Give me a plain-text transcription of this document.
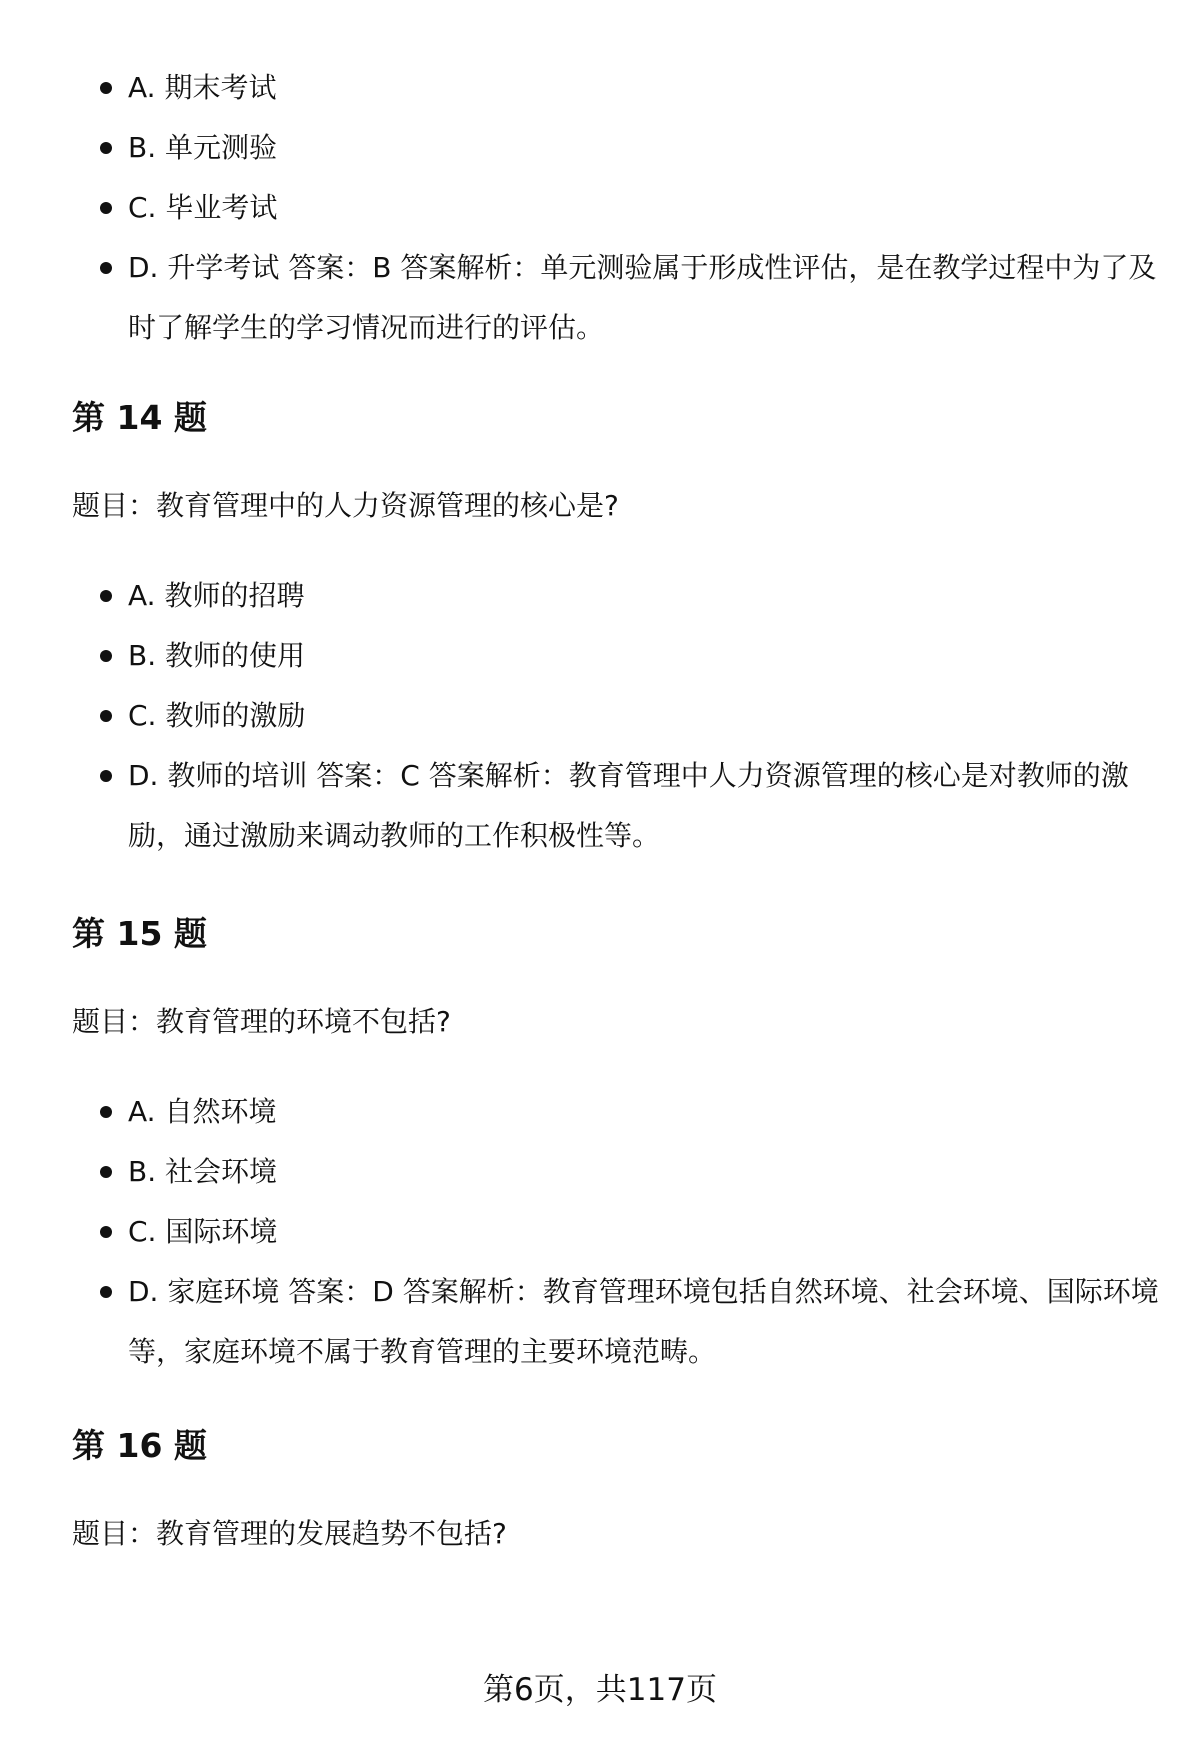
A. 期末考试
B. 单元测验
C. 毕业考试
D. 升学考试 答案：B 答案解析：单元测验属于形成性评估，是在教学过程中为了及时了解学生的学习情况而进行的评估。
第 14 题

题目：教育管理中的人力资源管理的核心是?

A. 教师的招聘
B. 教师的使用
C. 教师的激励
D. 教师的培训 答案：C 答案解析：教育管理中人力资源管理的核心是对教师的激励，通过激励来调动教师的工作积极性等。
第 15 题

题目：教育管理的环境不包括?

A. 自然环境
B. 社会环境
C. 国际环境
D. 家庭环境 答案：D 答案解析：教育管理环境包括自然环境、社会环境、国际环境等，家庭环境不属于教育管理的主要环境范畴。
第 16 题

题目：教育管理的发展趋势不包括?

第6页，共117页
